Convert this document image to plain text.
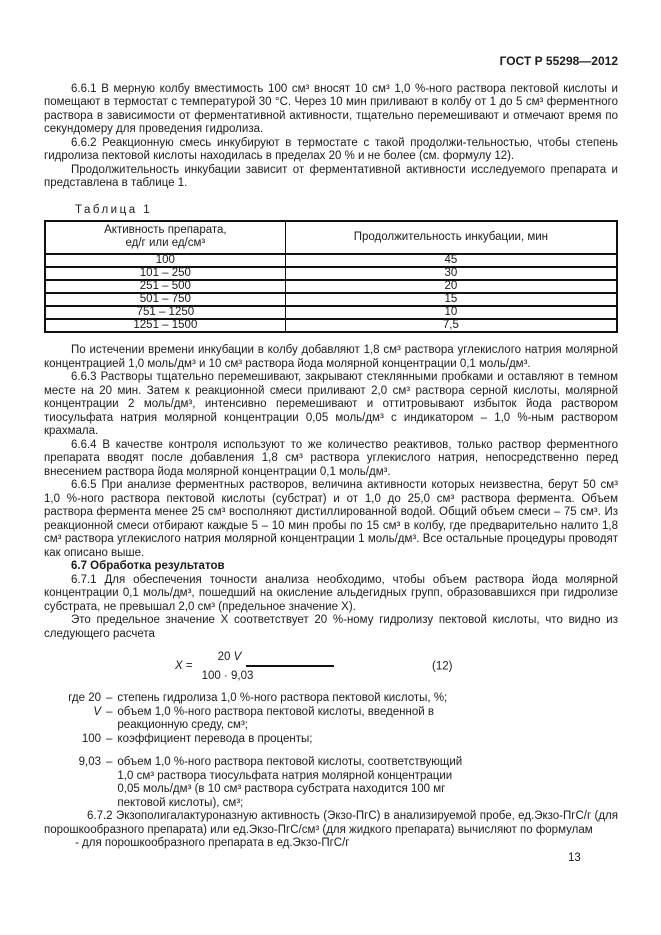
ГОСТ Р 55298—2012

6.6.1 В мерную колбу вместимость 100 см³ вносят 10 см³ 1,0 %-ного раствора пектовой кислоты и помещают в термостат с температурой 30 °С. Через 10 мин приливают в колбу от 1 до 5 см³ ферментного раствора в зависимости от ферментативной активности, тщательно перемешивают и отмечают время по секундомеру для проведения гидролиза.

6.6.2 Реакционную смесь инкубируют в термостате с такой продолжи-тельностью, чтобы степень гидролиза пектовой кислоты находилась в пределах 20 % и не более (см. формулу 12).

Продолжительность инкубации зависит от ферментативной активности исследуемого препарата и представлена в таблице 1.

Таблица 1
Активность препарата,
ед/г или ед/см³	Продолжительность инкубации, мин
100	45
101 – 250	30
251 – 500	20
501 – 750	15
751 – 1250	10
1251 – 1500	7,5

По истечении времени инкубации в колбу добавляют 1,8 см³ раствора углекислого натрия молярной концентрацией 1,0 моль/дм³ и 10 см³ раствора йода молярной концентрации 0,1 моль/дм³.

6.6.3 Растворы тщательно перемешивают, закрывают стеклянными пробками и оставляют в темном месте на 20 мин. Затем к реакционной смеси приливают 2,0 см³ раствора серной кислоты, молярной концентрации 2 моль/дм³, интенсивно перемешивают и оттитровывают избыток йода раствором тиосульфата натрия молярной концентрации 0,05 моль/дм³ с индикатором – 1,0 %-ным раствором крахмала.

6.6.4 В качестве контроля используют то же количество реактивов, только раствор ферментного препарата вводят после добавления 1,8 см³ раствора углекислого натрия, непосредственно перед внесением раствора йода молярной концентрации 0,1 моль/дм³.

6.6.5 При анализе ферментных растворов, величина активности которых неизвестна, берут 50 см³ 1,0 %-ного раствора пектовой кислоты (субстрат) и от 1,0 до 25,0 см³ раствора фермента. Объем раствора фермента менее 25 см³ восполняют дистиллированной водой. Общий объем смеси – 75 см³. Из реакционной смеси отбирают каждые 5 – 10 мин пробы по 15 см³ в колбу, где предварительно налито 1,8 см³ раствора углекислого натрия молярной концентрации 1 моль/дм³. Все остальные процедуры проводят как описано выше.

6.7 Обработка результатов

6.7.1 Для обеспечения точности анализа необходимо, чтобы объем раствора йода молярной концентрации 0,1 моль/дм³, пошедший на окисление альдегидных групп, образовавшихся при гидролизе субстрата, не превышал 2,0 см³ (предельное значение X).

Это предельное значение X соответствует 20 %-ному гидролизу пектовой кислоты, что видно из следующего расчета

X
= $\frac{20 V}{100 \cdot 9,03}$	(12)
где 20 – степень гидролиза 1,0 %-ного раствора пектовой кислоты, %;
V – объем 1,0 %-ного раствора пектовой кислоты, введенной в реакционную среду, см³;
100 – коэффициент перевода в проценты;
9,03 – объем 1,0 %-ного раствора пектовой кислоты, соответствующий 1,0 см³ раствора тиосульфата натрия молярной концентрации 0,05 моль/дм³ (в 10 см³ раствора субстрата находится 100 мг пектовой кислоты), см³;

6.7.2 Экзополигалактуроназную активность (Экзо-ПгС) в анализируемой пробе, ед.Экзо-ПгС/г (для порошкообразного препарата) или ед.Экзо-ПгС/см³ (для жидкого препарата) вычисляют по формулам

- для порошкообразного препарата в ед.Экзо-ПгС/г

13
